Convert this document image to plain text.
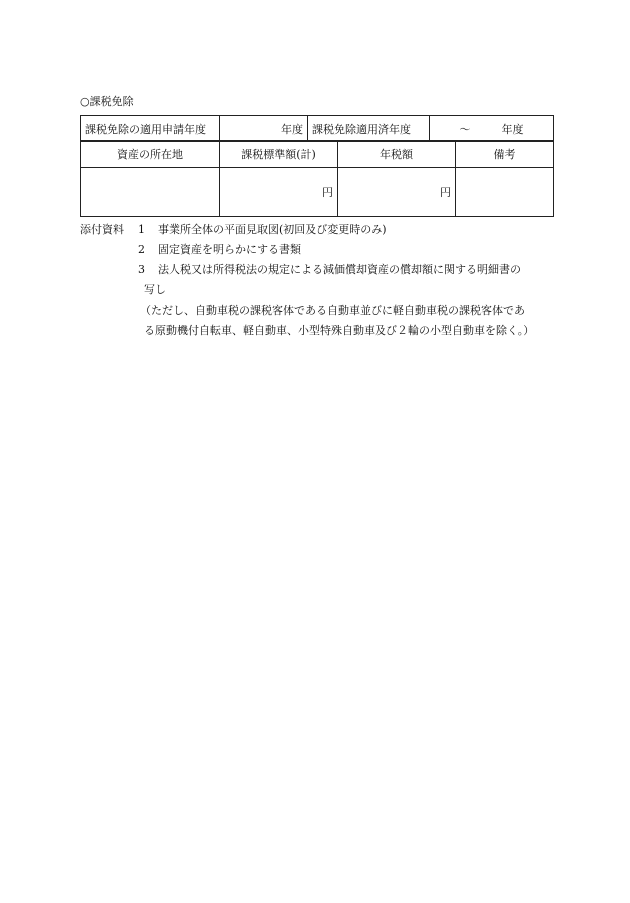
○課税免除
課税免除の適用申請年度	年度	課税免除適用済年度	～	年度
資産の所在地	課税標準額(計)	年税額	備考
	円	円	
添付資料 1 事業所全体の平面見取図(初回及び変更時のみ)
2 固定資産を明らかにする書類
3 法人税又は所得税法の規定による減価償却資産の償却額に関する明細書の
写し
（ただし、自動車税の課税客体である自動車並びに軽自動車税の課税客体であ
る原動機付自転車、軽自動車、小型特殊自動車及び２輪の小型自動車を除く。）
